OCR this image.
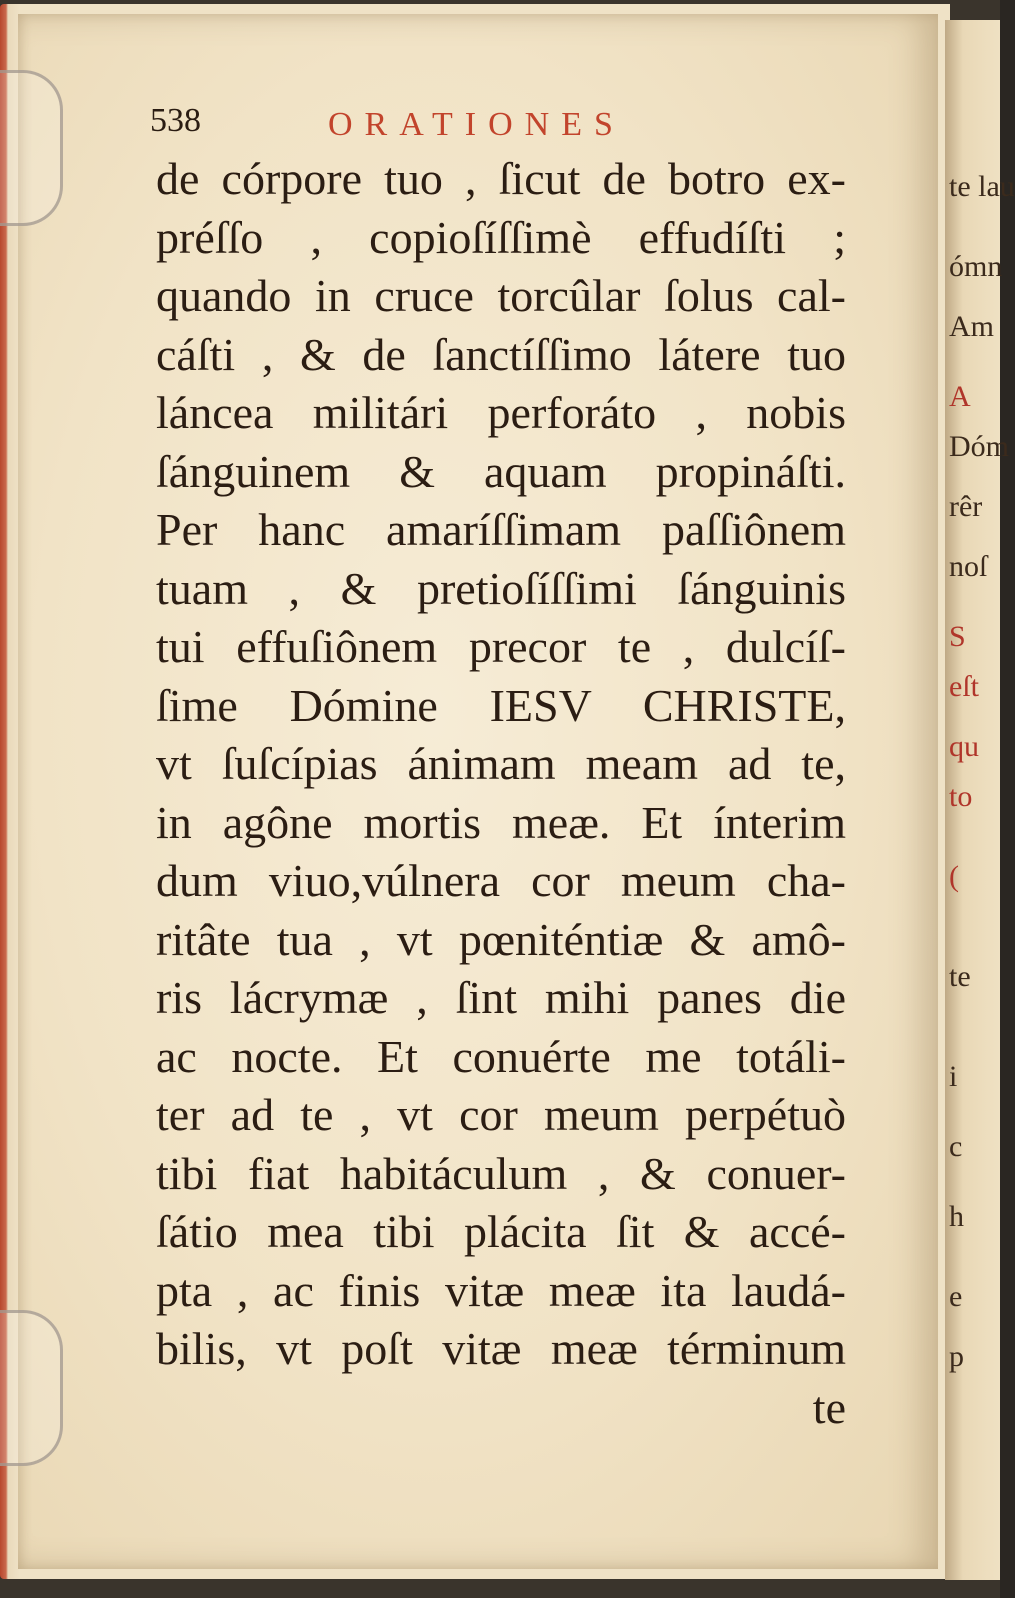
te lau
ómn
Am
A
Dóm
rêr
noſ
S
eſt
qu
to
(
te
i
c
h
e
p
538	ORATIONES
de córpore tuo , ſicut de botro ex-
préſſo , copioſíſſimè effudíſti ;
quando in cruce torcûlar ſolus cal-
cáſti , & de ſanctíſſimo látere tuo
láncea militári perforáto , nobis
ſánguinem & aquam propináſti.
Per hanc amaríſſimam paſſiônem
tuam , & pretioſíſſimi ſánguinis
tui effuſiônem precor te , dulcíſ-
ſime Dómine IESV CHRISTE,
vt ſuſcípias ánimam meam ad te,
in agône mortis meæ. Et ínterim
dum viuo,vúlnera cor meum cha-
ritâte tua , vt pœniténtiæ & amô-
ris lácrymæ , ſint mihi panes die
ac nocte. Et conuérte me totáli-
ter ad te , vt cor meum perpétuò
tibi fiat habitáculum , & conuer-
ſátio mea tibi plácita ſit & accé-
pta , ac finis vitæ meæ ita laudá-
bilis, vt poſt vitæ meæ términum
te
